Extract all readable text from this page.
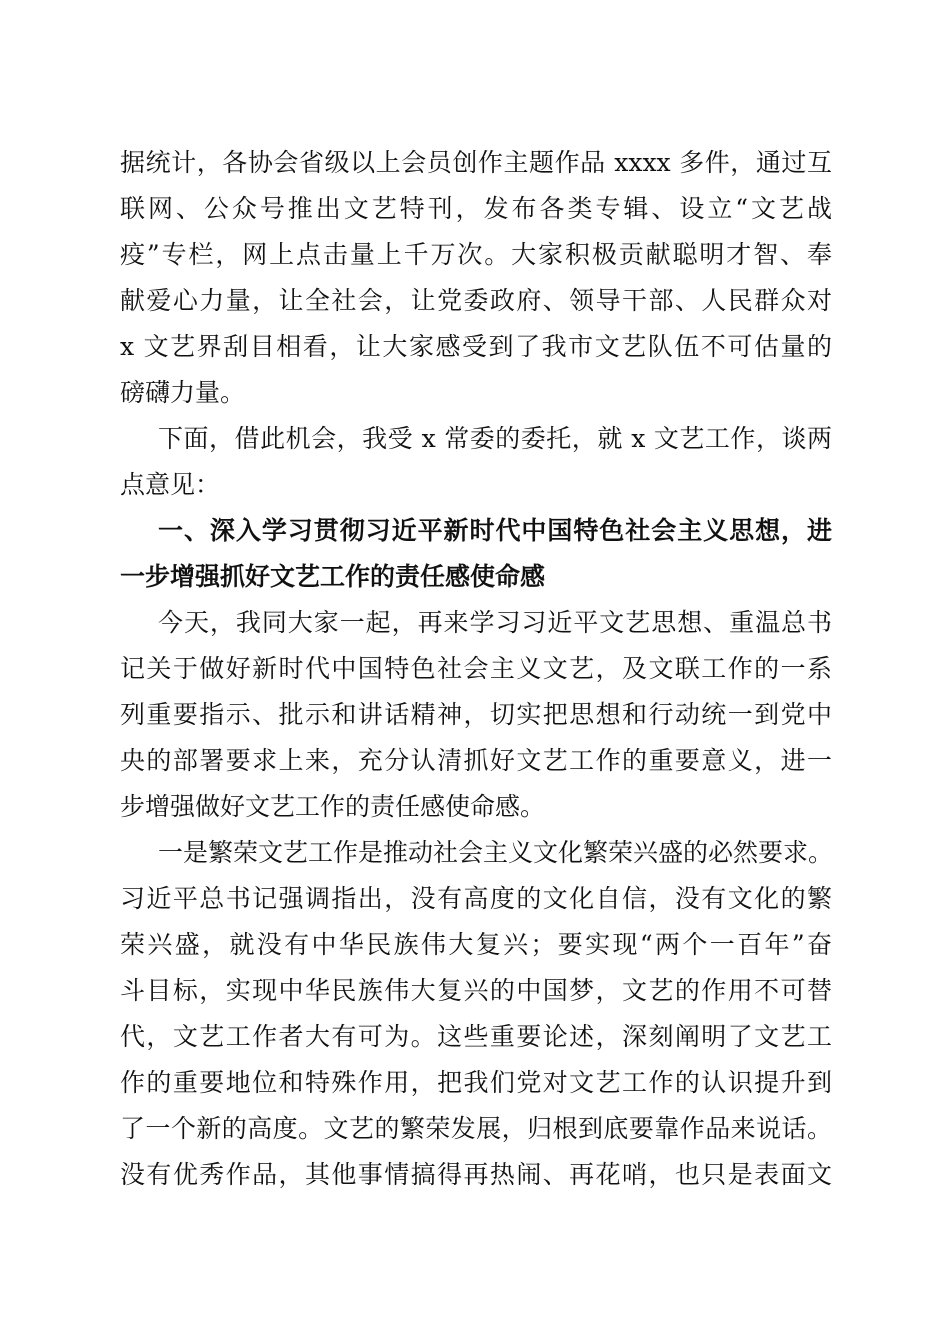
据统计，各协会省级以上会员创作主题作品 xxxx 多件，通过互
联网、公众号推出文艺特刊，发布各类专辑、设立“文艺战
疫”专栏，网上点击量上千万次。大家积极贡献聪明才智、奉
献爱心力量，让全社会，让党委政府、领导干部、人民群众对
x 文艺界刮目相看，让大家感受到了我市文艺队伍不可估量的
磅礴力量。
下面，借此机会，我受 x 常委的委托，就 x 文艺工作，谈两
点意见：
一、深入学习贯彻习近平新时代中国特色社会主义思想，进
一步增强抓好文艺工作的责任感使命感
今天，我同大家一起，再来学习习近平文艺思想、重温总书
记关于做好新时代中国特色社会主义文艺，及文联工作的一系
列重要指示、批示和讲话精神，切实把思想和行动统一到党中
央的部署要求上来，充分认清抓好文艺工作的重要意义，进一
步增强做好文艺工作的责任感使命感。
一是繁荣文艺工作是推动社会主义文化繁荣兴盛的必然要求。
习近平总书记强调指出，没有高度的文化自信，没有文化的繁
荣兴盛，就没有中华民族伟大复兴；要实现“两个一百年”奋
斗目标，实现中华民族伟大复兴的中国梦，文艺的作用不可替
代，文艺工作者大有可为。这些重要论述，深刻阐明了文艺工
作的重要地位和特殊作用，把我们党对文艺工作的认识提升到
了一个新的高度。文艺的繁荣发展，归根到底要靠作品来说话。
没有优秀作品，其他事情搞得再热闹、再花哨，也只是表面文
